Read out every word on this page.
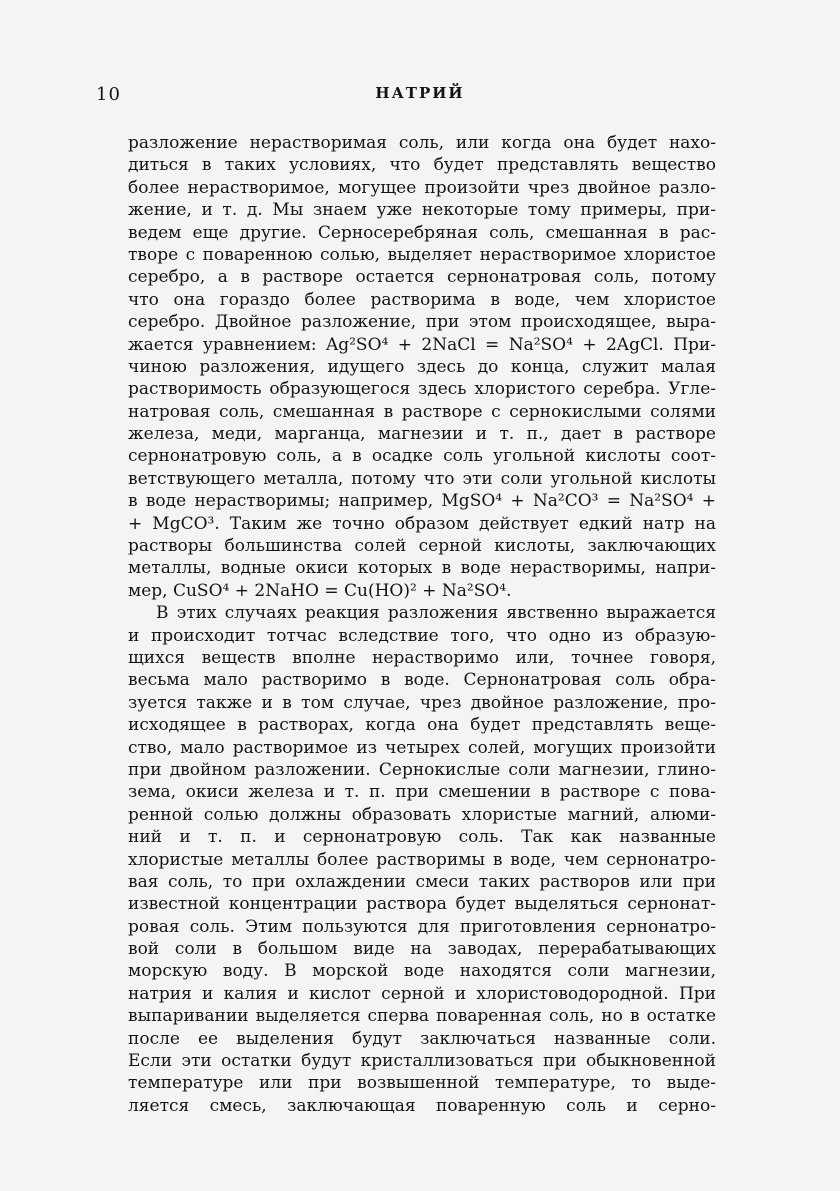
10	НАТРИЙ
разложение нерастворимая соль, или когда она будет нахо-
диться в таких условиях, что будет представлять вещество
более нерастворимое, могущее произойти чрез двойное разло-
жение, и т. д. Мы знаем уже некоторые тому примеры, при-
ведем еще другие. Серносеребряная соль, смешанная в рас-
творе с поваренною солью, выделяет нерастворимое хлористое
серебро, а в растворе остается сернонатровая соль, потому
что она гораздо более растворима в воде, чем хлористое
серебро. Двойное разложение, при этом происходящее, выра-
жается уравнением: Ag²SO⁴ + 2NaCl = Na²SO⁴ + 2AgCl. При-
чиною разложения, идущего здесь до конца, служит малая
растворимость образующегося здесь хлористого серебра. Угле-
натровая соль, смешанная в растворе с сернокислыми солями
железа, меди, марганца, магнезии и т. п., дает в растворе
сернонатровую соль, а в осадке соль угольной кислоты соот-
ветствующего металла, потому что эти соли угольной кислоты
в воде нерастворимы; например, MgSO⁴ + Na²CO³ = Na²SO⁴ +
+ MgCO³. Таким же точно образом действует едкий натр на
растворы большинства солей серной кислоты, заключающих
металлы, водные окиси которых в воде нерастворимы, напри-
мер, CuSO⁴ + 2NaHO = Cu(HO)² + Na²SO⁴.
В этих случаях реакция разложения явственно выражается
и происходит тотчас вследствие того, что одно из образую-
щихся веществ вполне нерастворимо или, точнее говоря,
весьма мало растворимо в воде. Сернонатровая соль обра-
зуется также и в том случае, чрез двойное разложение, про-
исходящее в растворах, когда она будет представлять веще-
ство, мало растворимое из четырех солей, могущих произойти
при двойном разложении. Сернокислые соли магнезии, глино-
зема, окиси железа и т. п. при смешении в растворе с пова-
ренной солью должны образовать хлористые магний, алюми-
ний и т. п. и сернонатровую соль. Так как названные
хлористые металлы более растворимы в воде, чем сернонатро-
вая соль, то при охлаждении смеси таких растворов или при
известной концентрации раствора будет выделяться сернонат-
ровая соль. Этим пользуются для приготовления сернонатро-
вой соли в большом виде на заводах, перерабатывающих
морскую воду. В морской воде находятся соли магнезии,
натрия и калия и кислот серной и хлористоводородной. При
выпаривании выделяется сперва поваренная соль, но в остатке
после ее выделения будут заключаться названные соли.
Если эти остатки будут кристаллизоваться при обыкновенной
температуре или при возвышенной температуре, то выде-
ляется смесь, заключающая поваренную соль и серно-
